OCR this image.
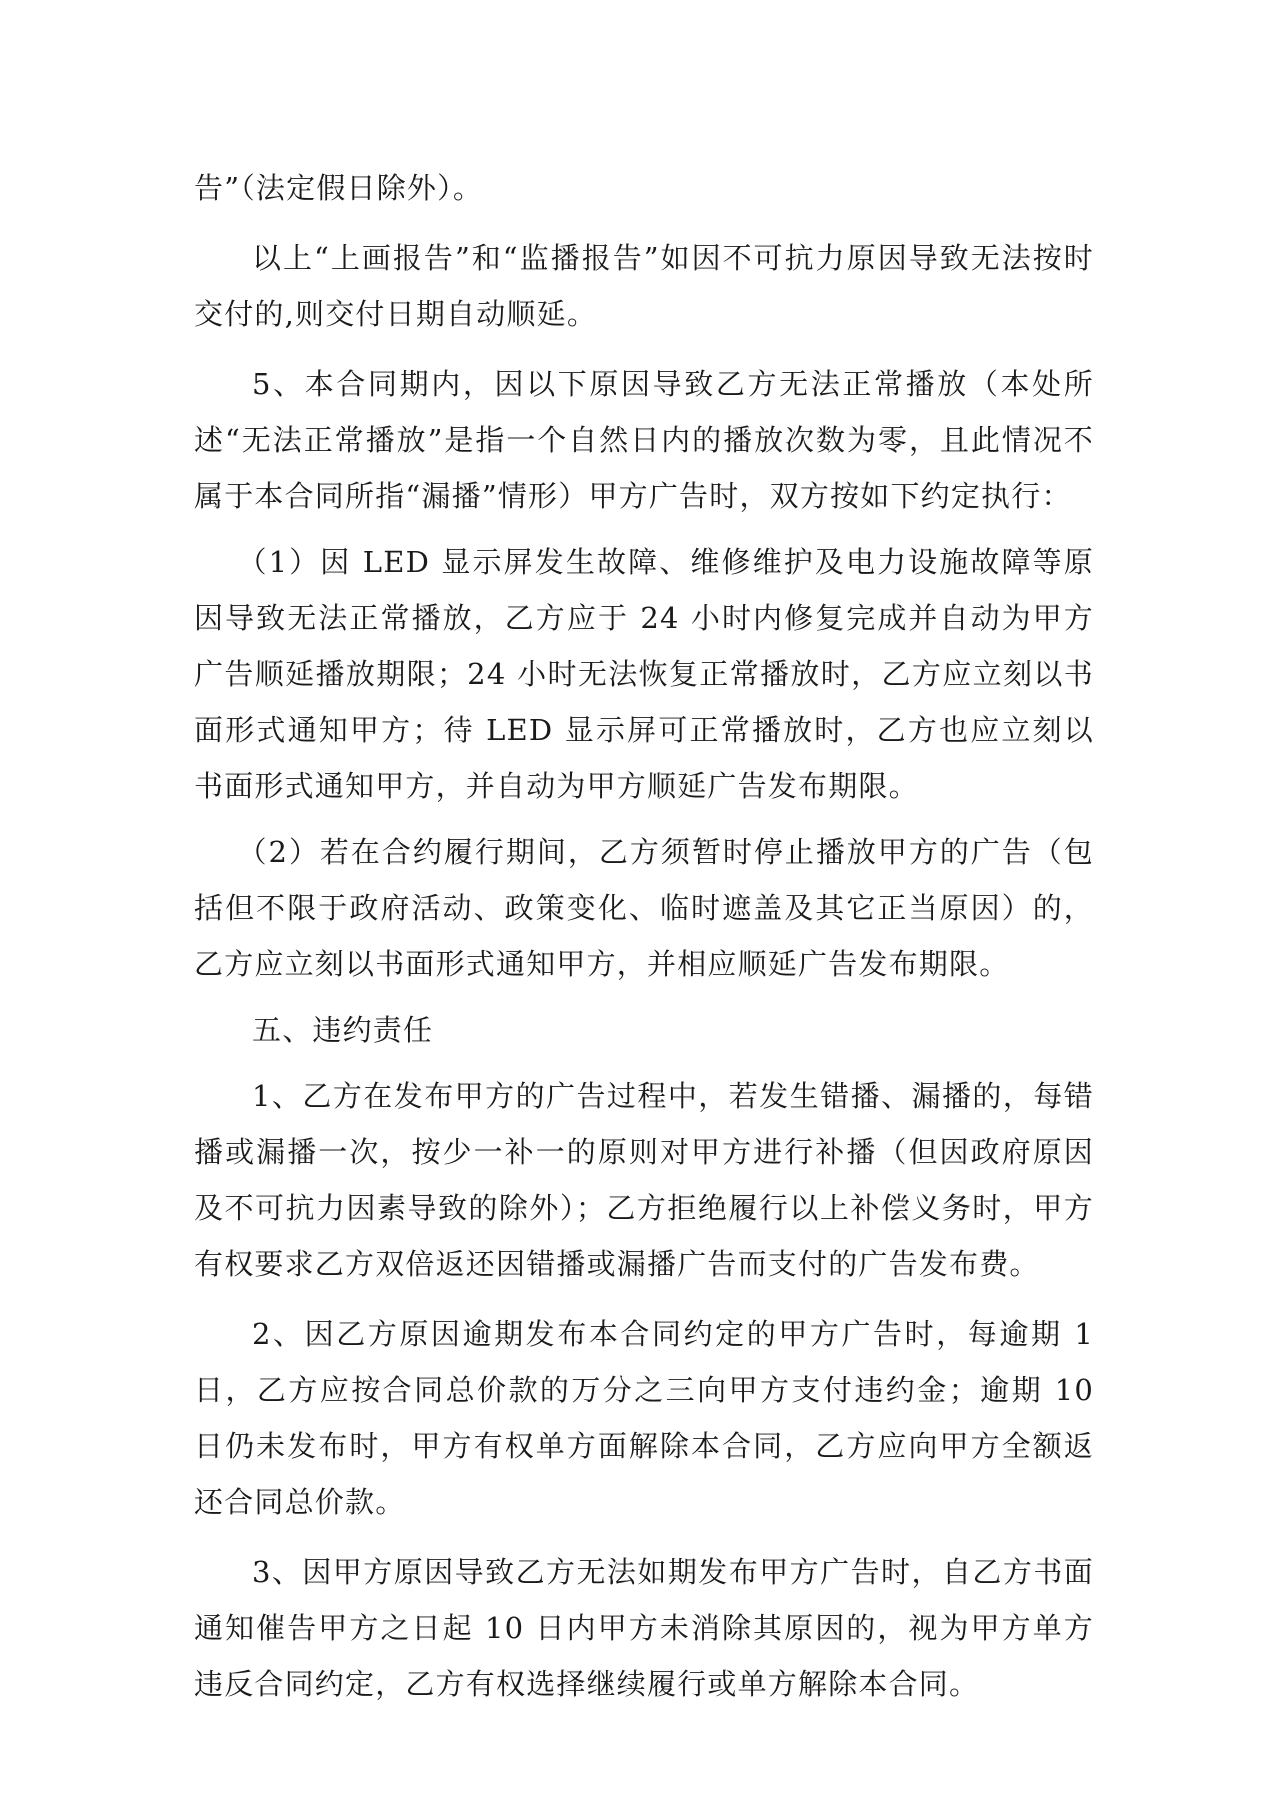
告”（法定假日除外）。

以上“上画报告”和“监播报告”如因不可抗力原因导致无法按时交付的,则交付日期自动顺延。

5、本合同期内，因以下原因导致乙方无法正常播放（本处所述“无法正常播放”是指一个自然日内的播放次数为零，且此情况不属于本合同所指“漏播”情形）甲方广告时，双方按如下约定执行：

（1）因 LED 显示屏发生故障、维修维护及电力设施故障等原因导致无法正常播放，乙方应于 24 小时内修复完成并自动为甲方广告顺延播放期限；24 小时无法恢复正常播放时，乙方应立刻以书面形式通知甲方；待 LED 显示屏可正常播放时，乙方也应立刻以书面形式通知甲方，并自动为甲方顺延广告发布期限。

（2）若在合约履行期间，乙方须暂时停止播放甲方的广告（包括但不限于政府活动、政策变化、临时遮盖及其它正当原因）的，乙方应立刻以书面形式通知甲方，并相应顺延广告发布期限。

五、违约责任

1、乙方在发布甲方的广告过程中，若发生错播、漏播的，每错播或漏播一次，按少一补一的原则对甲方进行补播（但因政府原因及不可抗力因素导致的除外）；乙方拒绝履行以上补偿义务时，甲方有权要求乙方双倍返还因错播或漏播广告而支付的广告发布费。

2、因乙方原因逾期发布本合同约定的甲方广告时，每逾期 1 日，乙方应按合同总价款的万分之三向甲方支付违约金；逾期 10 日仍未发布时，甲方有权单方面解除本合同，乙方应向甲方全额返还合同总价款。

3、因甲方原因导致乙方无法如期发布甲方广告时，自乙方书面通知催告甲方之日起 10 日内甲方未消除其原因的，视为甲方单方违反合同约定，乙方有权选择继续履行或单方解除本合同。
